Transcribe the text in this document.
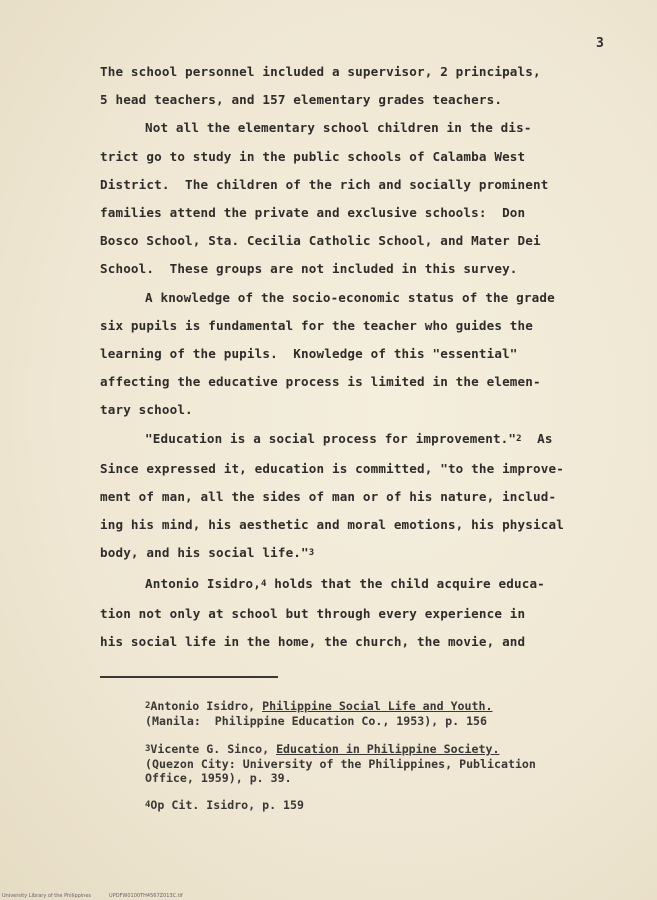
3

The school personnel included a supervisor, 2 principals,

5 head teachers, and 157 elementary grades teachers.

Not all the elementary school children in the dis-

trict go to study in the public schools of Calamba West

District.  The children of the rich and socially prominent

families attend the private and exclusive schools:  Don

Bosco School, Sta. Cecilia Catholic School, and Mater Dei

School.  These groups are not included in this survey.

A knowledge of the socio-economic status of the grade

six pupils is fundamental for the teacher who guides the

learning of the pupils.  Knowledge of this "essential"

affecting the educative process is limited in the elemen-

tary school.

"Education is a social process for improvement."$^2$  As

Since expressed it, education is committed, "to the improve-

ment of man, all the sides of man or of his nature, includ-

ing his mind, his aesthetic and moral emotions, his physical

body, and his social life."$^3$

Antonio Isidro,$^4$ holds that the child acquire educa-

tion not only at school but through every experience in

his social life in the home, the church, the movie, and

$^2$Antonio Isidro, Philippine Social Life and Youth.
(Manila:  Philippine Education Co., 1953), p. 156

$^3$Vicente G. Sinco, Education in Philippine Society.
(Quezon City: University of the Philippines, Publication
Office, 1959), p. 39.

$^4$Op Cit. Isidro, p. 159

University Library of the Philippines	UPDFW0100TH4567Z013C.tif
